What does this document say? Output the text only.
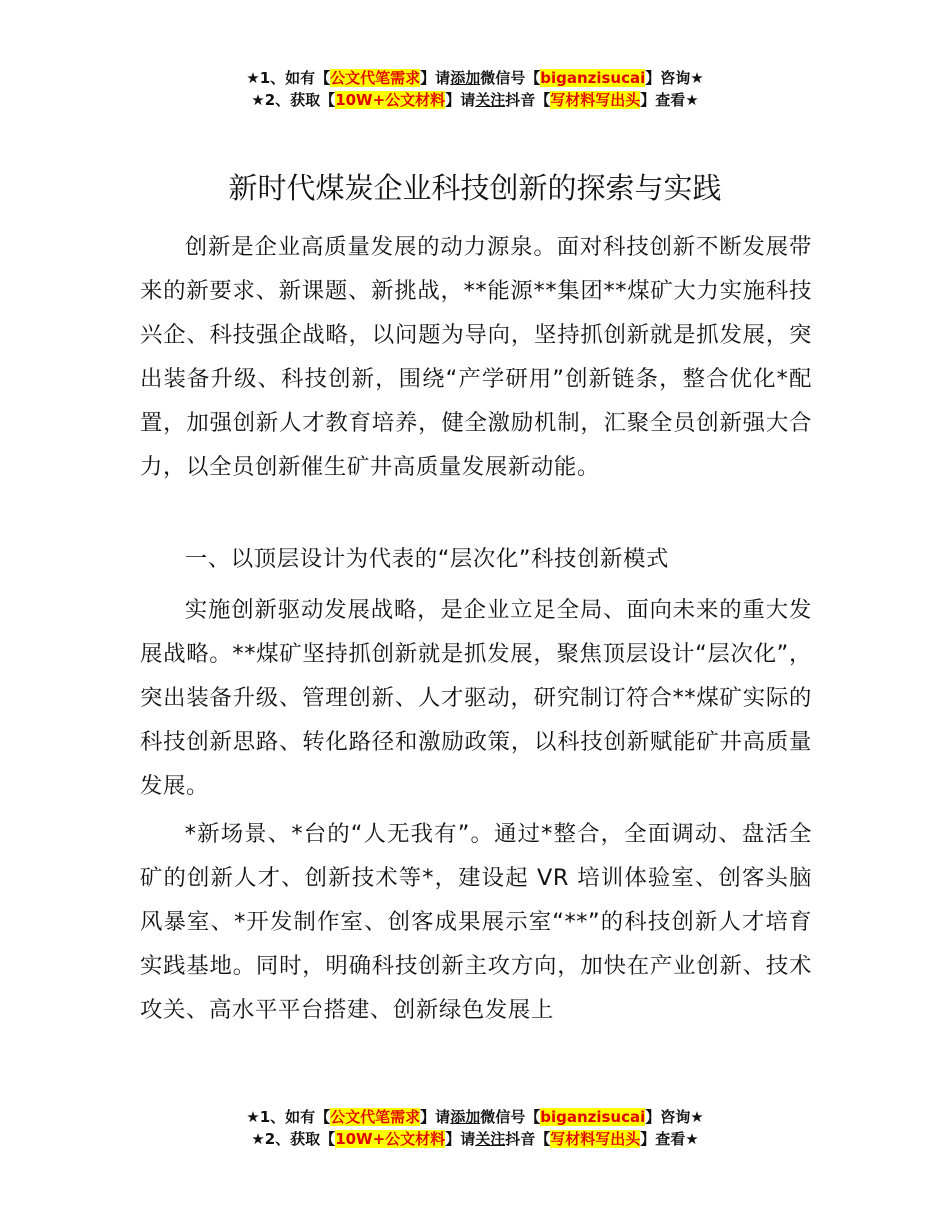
★1、如有【公文代笔需求】请添加微信号【biganzisucai】咨询★
★2、获取【10W+公文材料】请关注抖音【写材料写出头】查看★
新时代煤炭企业科技创新的探索与实践

创新是企业高质量发展的动力源泉。面对科技创新不断发展带来的新要求、新课题、新挑战，**能源**集团**煤矿大力实施科技兴企、科技强企战略，以问题为导向，坚持抓创新就是抓发展，突出装备升级、科技创新，围绕“产学研用”创新链条，整合优化*配置，加强创新人才教育培养，健全激励机制，汇聚全员创新强大合力，以全员创新催生矿井高质量发展新动能。

一、以顶层设计为代表的“层次化”科技创新模式

实施创新驱动发展战略，是企业立足全局、面向未来的重大发展战略。**煤矿坚持抓创新就是抓发展，聚焦顶层设计“层次化”，突出装备升级、管理创新、人才驱动，研究制订符合**煤矿实际的科技创新思路、转化路径和激励政策，以科技创新赋能矿井高质量发展。

*新场景、*台的“人无我有”。通过*整合，全面调动、盘活全矿的创新人才、创新技术等*，建设起 VR 培训体验室、创客头脑风暴室、*开发制作室、创客成果展示室“**”的科技创新人才培育实践基地。同时，明确科技创新主攻方向，加快在产业创新、技术攻关、高水平平台搭建、创新绿色发展上

★1、如有【公文代笔需求】请添加微信号【biganzisucai】咨询★
★2、获取【10W+公文材料】请关注抖音【写材料写出头】查看★
